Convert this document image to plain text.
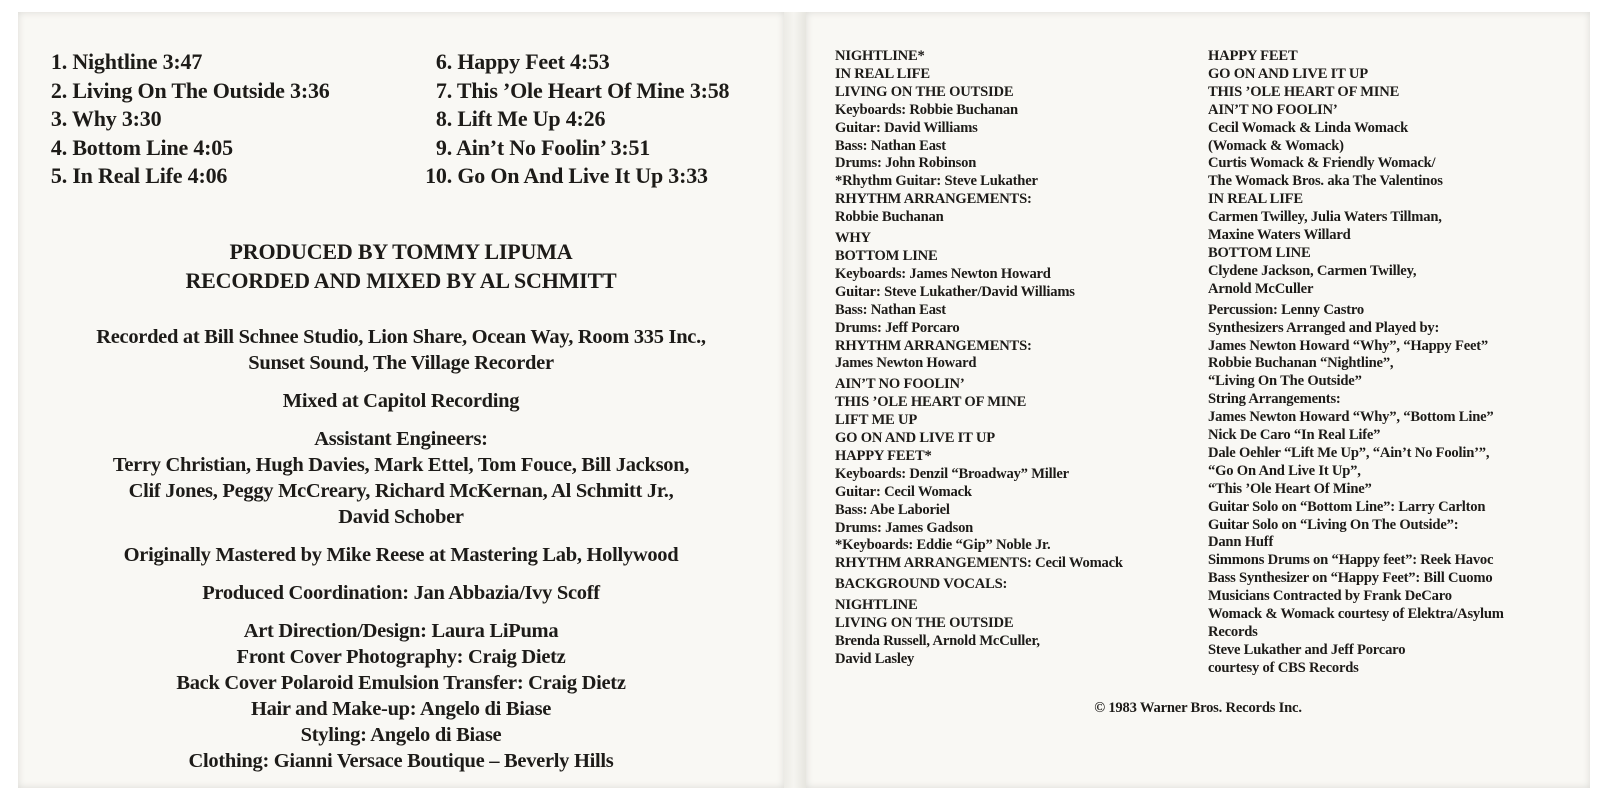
1. Nightline 3:47
2. Living On The Outside 3:36
3. Why 3:30
4. Bottom Line 4:05
5. In Real Life 4:06
6. Happy Feet 4:53
7. This ’Ole Heart Of Mine 3:58
8. Lift Me Up 4:26
9. Ain’t No Foolin’ 3:51
10. Go On And Live It Up 3:33
PRODUCED BY TOMMY LIPUMA
RECORDED AND MIXED BY AL SCHMITT
Recorded at Bill Schnee Studio, Lion Share, Ocean Way, Room 335 Inc.,
Sunset Sound, The Village Recorder
Mixed at Capitol Recording
Assistant Engineers:
Terry Christian, Hugh Davies, Mark Ettel, Tom Fouce, Bill Jackson,
Clif Jones, Peggy McCreary, Richard McKernan, Al Schmitt Jr.,
David Schober
Originally Mastered by Mike Reese at Mastering Lab, Hollywood
Produced Coordination: Jan Abbazia/Ivy Scoff
Art Direction/Design: Laura LiPuma
Front Cover Photography: Craig Dietz
Back Cover Polaroid Emulsion Transfer: Craig Dietz
Hair and Make-up: Angelo di Biase
Styling: Angelo di Biase
Clothing: Gianni Versace Boutique – Beverly Hills
NIGHTLINE*
IN REAL LIFE
LIVING ON THE OUTSIDE
Keyboards: Robbie Buchanan
Guitar: David Williams
Bass: Nathan East
Drums: John Robinson
*Rhythm Guitar: Steve Lukather
RHYTHM ARRANGEMENTS:
Robbie Buchanan
WHY
BOTTOM LINE
Keyboards: James Newton Howard
Guitar: Steve Lukather/David Williams
Bass: Nathan East
Drums: Jeff Porcaro
RHYTHM ARRANGEMENTS:
James Newton Howard
AIN’T NO FOOLIN’
THIS ’OLE HEART OF MINE
LIFT ME UP
GO ON AND LIVE IT UP
HAPPY FEET*
Keyboards: Denzil “Broadway” Miller
Guitar: Cecil Womack
Bass: Abe Laboriel
Drums: James Gadson
*Keyboards: Eddie “Gip” Noble Jr.
RHYTHM ARRANGEMENTS: Cecil Womack
BACKGROUND VOCALS:
NIGHTLINE
LIVING ON THE OUTSIDE
Brenda Russell, Arnold McCuller,
David Lasley
HAPPY FEET
GO ON AND LIVE IT UP
THIS ’OLE HEART OF MINE
AIN’T NO FOOLIN’
Cecil Womack & Linda Womack
(Womack & Womack)
Curtis Womack & Friendly Womack/
The Womack Bros. aka The Valentinos
IN REAL LIFE
Carmen Twilley, Julia Waters Tillman,
Maxine Waters Willard
BOTTOM LINE
Clydene Jackson, Carmen Twilley,
Arnold McCuller
Percussion: Lenny Castro
Synthesizers Arranged and Played by:
James Newton Howard “Why”, “Happy Feet”
Robbie Buchanan “Nightline”,
“Living On The Outside”
String Arrangements:
James Newton Howard “Why”, “Bottom Line”
Nick De Caro “In Real Life”
Dale Oehler “Lift Me Up”, “Ain’t No Foolin’”,
“Go On And Live It Up”,
“This ’Ole Heart Of Mine”
Guitar Solo on “Bottom Line”: Larry Carlton
Guitar Solo on “Living On The Outside”:
Dann Huff
Simmons Drums on “Happy feet”: Reek Havoc
Bass Synthesizer on “Happy Feet”: Bill Cuomo
Musicians Contracted by Frank DeCaro
Womack & Womack courtesy of Elektra/Asylum
Records
Steve Lukather and Jeff Porcaro
courtesy of CBS Records
© 1983 Warner Bros. Records Inc.
